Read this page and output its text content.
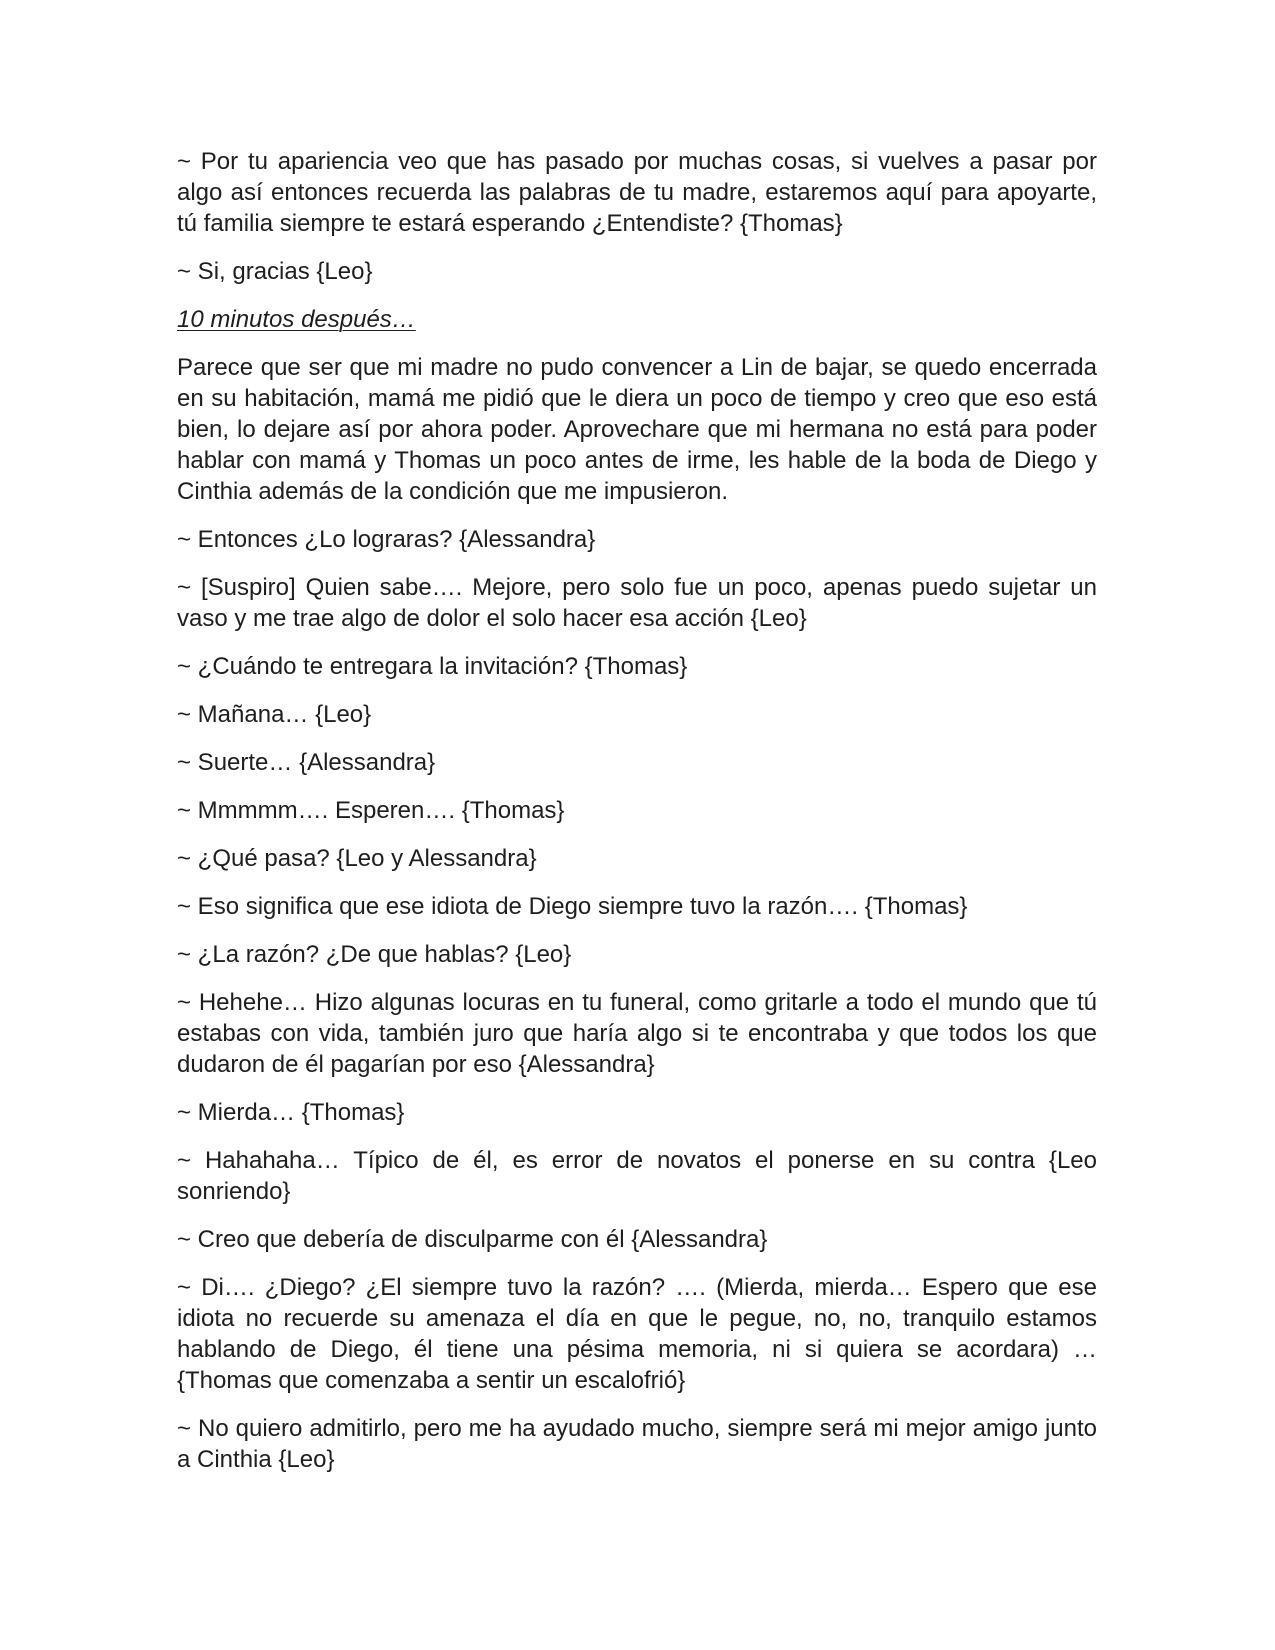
~ Por tu apariencia veo que has pasado por muchas cosas, si vuelves a pasar por algo así entonces recuerda las palabras de tu madre, estaremos aquí para apoyarte, tú familia siempre te estará esperando ¿Entendiste? {Thomas}

~ Si, gracias {Leo}

10 minutos después…

Parece que ser que mi madre no pudo convencer a Lin de bajar, se quedo encerrada en su habitación, mamá me pidió que le diera un poco de tiempo y creo que eso está bien, lo dejare así por ahora poder. Aprovechare que mi hermana no está para poder hablar con mamá y Thomas un poco antes de irme, les hable de la boda de Diego y Cinthia además de la condición que me impusieron.

~ Entonces ¿Lo lograras? {Alessandra}

~ [Suspiro] Quien sabe…. Mejore, pero solo fue un poco, apenas puedo sujetar un vaso y me trae algo de dolor el solo hacer esa acción {Leo}

~ ¿Cuándo te entregara la invitación? {Thomas}

~ Mañana… {Leo}

~ Suerte… {Alessandra}

~ Mmmmm…. Esperen…. {Thomas}

~ ¿Qué pasa? {Leo y Alessandra}

~ Eso significa que ese idiota de Diego siempre tuvo la razón…. {Thomas}

~ ¿La razón? ¿De que hablas? {Leo}

~ Hehehe… Hizo algunas locuras en tu funeral, como gritarle a todo el mundo que tú estabas con vida, también juro que haría algo si te encontraba y que todos los que dudaron de él pagarían por eso {Alessandra}

~ Mierda… {Thomas}

~ Hahahaha… Típico de él, es error de novatos el ponerse en su contra {Leo sonriendo}

~ Creo que debería de disculparme con él {Alessandra}

~ Di…. ¿Diego? ¿El siempre tuvo la razón? …. (Mierda, mierda… Espero que ese idiota no recuerde su amenaza el día en que le pegue, no, no, tranquilo estamos hablando de Diego, él tiene una pésima memoria, ni si quiera se acordara) … {Thomas que comenzaba a sentir un escalofrió}

~ No quiero admitirlo, pero me ha ayudado mucho, siempre será mi mejor amigo junto a Cinthia {Leo}
